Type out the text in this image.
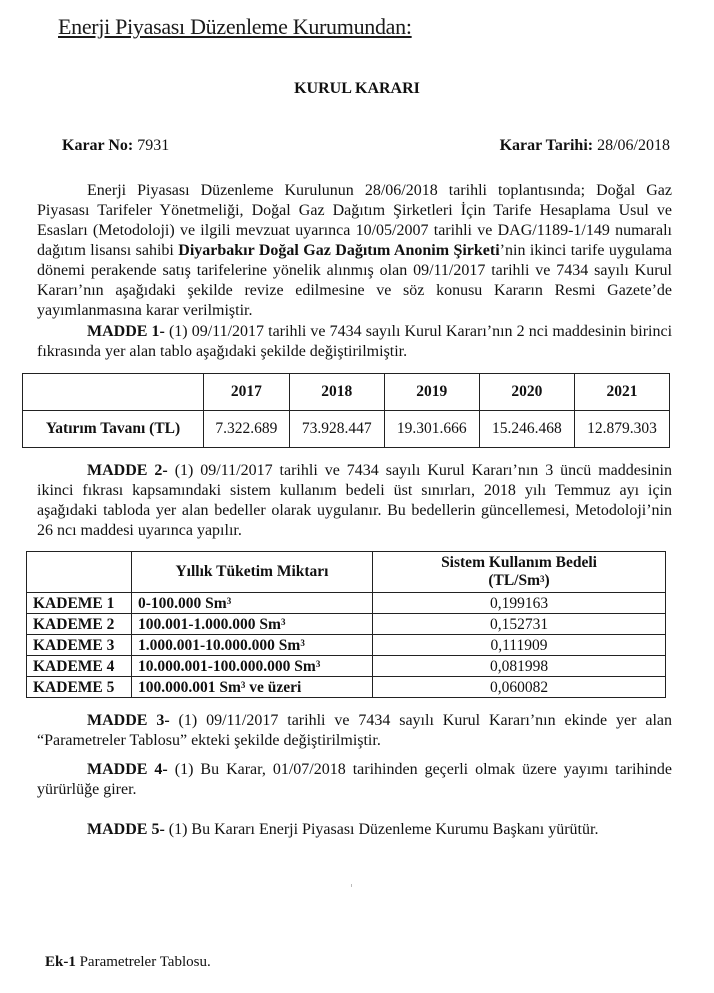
Enerji Piyasası Düzenleme Kurumundan:
KURUL KARARI
Karar No: 7931	Karar Tarihi: 28/06/2018
Enerji Piyasası Düzenleme Kurulunun 28/06/2018 tarihli toplantısında; Doğal Gaz Piyasası Tarifeler Yönetmeliği, Doğal Gaz Dağıtım Şirketleri İçin Tarife Hesaplama Usul ve Esasları (Metodoloji) ve ilgili mevzuat uyarınca 10/05/2007 tarihli ve DAG/1189-1/149 numaralı dağıtım lisansı sahibi Diyarbakır Doğal Gaz Dağıtım Anonim Şirketi’nin ikinci tarife uygulama dönemi perakende satış tarifelerine yönelik alınmış olan 09/11/2017 tarihli ve 7434 sayılı Kurul Kararı’nın aşağıdaki şekilde revize edilmesine ve söz konusu Kararın Resmi Gazete’de yayımlanmasına karar verilmiştir.
MADDE 1- (1) 09/11/2017 tarihli ve 7434 sayılı Kurul Kararı’nın 2 nci maddesinin birinci fıkrasında yer alan tablo aşağıdaki şekilde değiştirilmiştir.
	2017	2018	2019	2020	2021
Yatırım Tavanı (TL)	7.322.689	73.928.447	19.301.666	15.246.468	12.879.303
MADDE 2- (1) 09/11/2017 tarihli ve 7434 sayılı Kurul Kararı’nın 3 üncü maddesinin ikinci fıkrası kapsamındaki sistem kullanım bedeli üst sınırları, 2018 yılı Temmuz ayı için aşağıdaki tabloda yer alan bedeller olarak uygulanır. Bu bedellerin güncellemesi, Metodoloji’nin 26 ncı maddesi uyarınca yapılır.
	Yıllık Tüketim Miktarı	Sistem Kullanım Bedeli
(TL/Sm$^3$)
KADEME 1	0-100.000 Sm$^3$	0,199163
KADEME 2	100.001-1.000.000 Sm$^3$	0,152731
KADEME 3	1.000.001-10.000.000 Sm$^3$	0,111909
KADEME 4	10.000.001-100.000.000 Sm$^3$	0,081998
KADEME 5	100.000.001 Sm$^3$ ve üzeri	0,060082
MADDE 3- (1) 09/11/2017 tarihli ve 7434 sayılı Kurul Kararı’nın ekinde yer alan “Parametreler Tablosu” ekteki şekilde değiştirilmiştir.
MADDE 4- (1) Bu Karar, 01/07/2018 tarihinden geçerli olmak üzere yayımı tarihinde yürürlüğe girer.
MADDE 5- (1) Bu Kararı Enerji Piyasası Düzenleme Kurumu Başkanı yürütür.
Ek-1 Parametreler Tablosu.
